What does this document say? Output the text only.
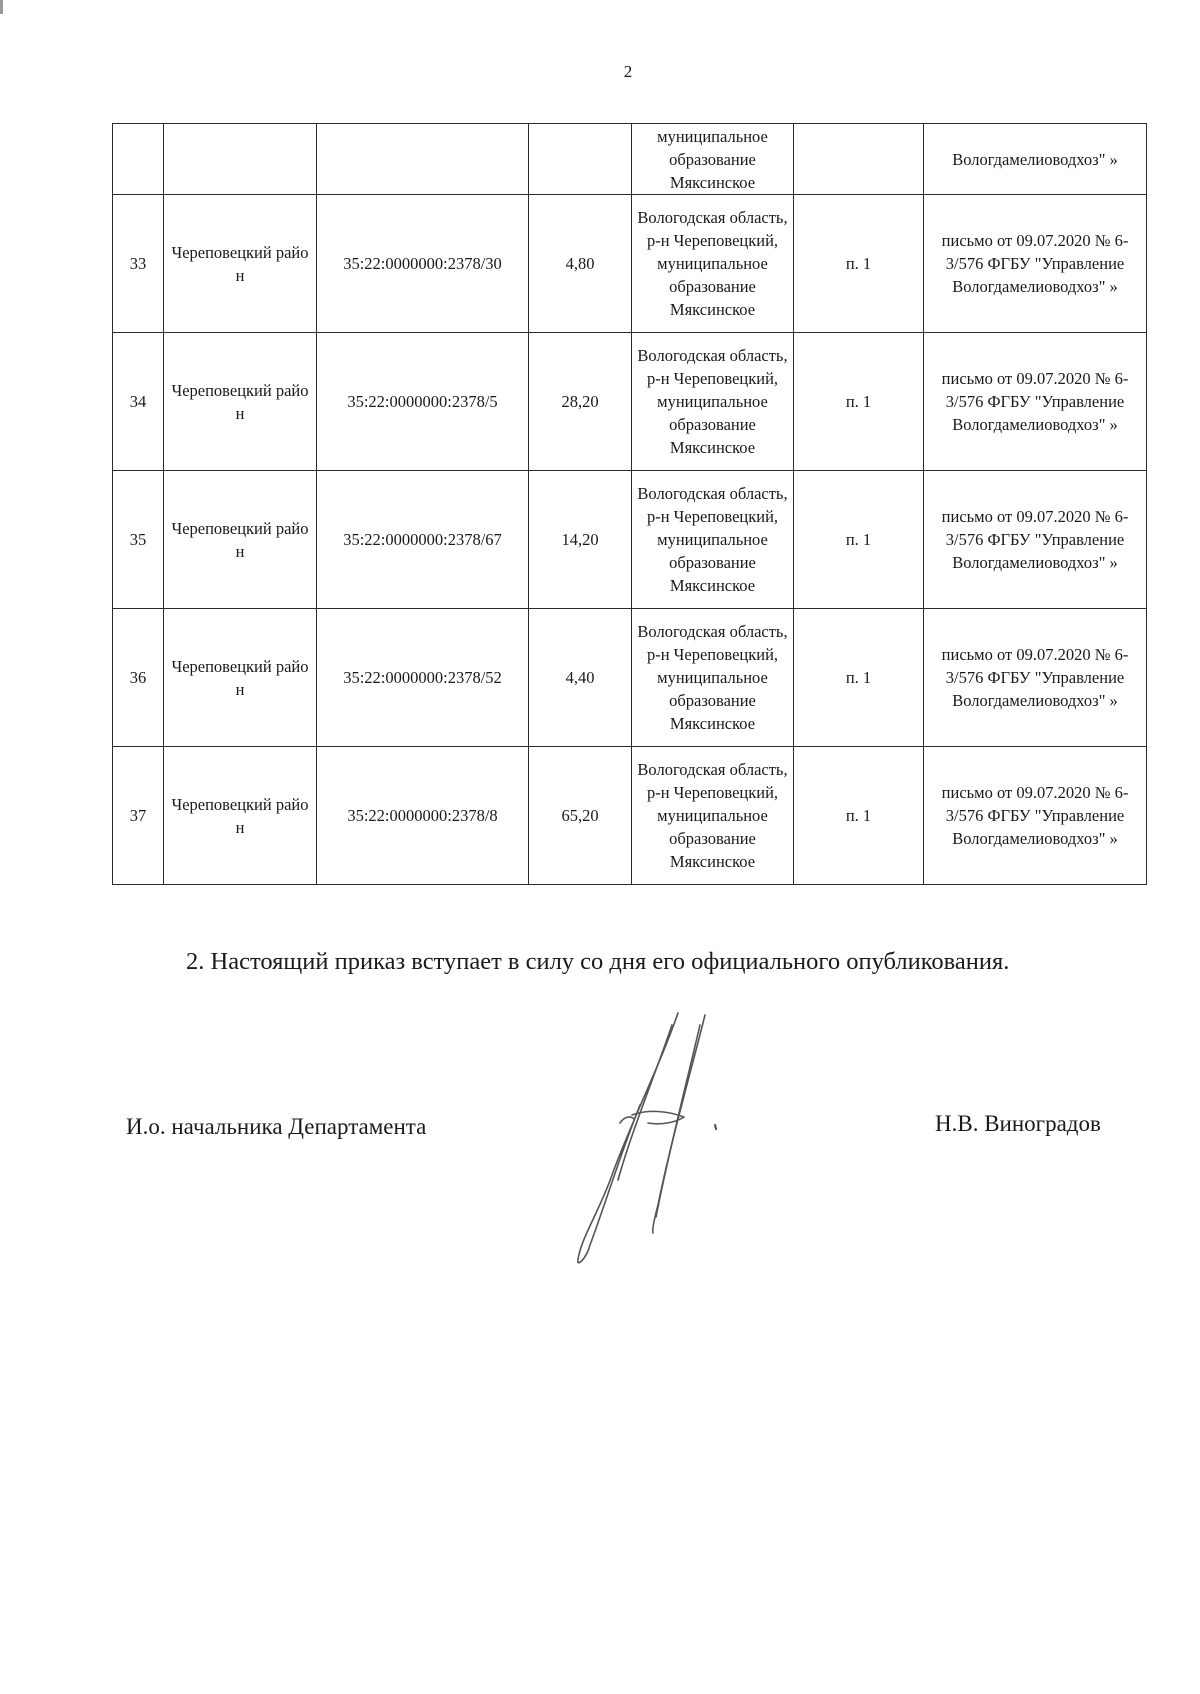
2
				муниципальное образование Мяксинское		Вологдамелиоводхоз" »
33	Череповецкий район	35:22:0000000:2378/30	4,80	Вологодская область, р-н Череповецкий, муниципальное образование Мяксинское	п. 1	письмо от 09.07.2020 № 6-3/576 ФГБУ "Управление Вологдамелиоводхоз" »
34	Череповецкий район	35:22:0000000:2378/5	28,20	Вологодская область, р-н Череповецкий, муниципальное образование Мяксинское	п. 1	письмо от 09.07.2020 № 6-3/576 ФГБУ "Управление Вологдамелиоводхоз" »
35	Череповецкий район	35:22:0000000:2378/67	14,20	Вологодская область, р-н Череповецкий, муниципальное образование Мяксинское	п. 1	письмо от 09.07.2020 № 6-3/576 ФГБУ "Управление Вологдамелиоводхоз" »
36	Череповецкий район	35:22:0000000:2378/52	4,40	Вологодская область, р-н Череповецкий, муниципальное образование Мяксинское	п. 1	письмо от 09.07.2020 № 6-3/576 ФГБУ "Управление Вологдамелиоводхоз" »
37	Череповецкий район	35:22:0000000:2378/8	65,20	Вологодская область, р-н Череповецкий, муниципальное образование Мяксинское	п. 1	письмо от 09.07.2020 № 6-3/576 ФГБУ "Управление Вологдамелиоводхоз" »
2. Настоящий приказ вступает в силу со дня его официального опубликования.
И.о. начальника Департамента	Н.В. Виноградов
